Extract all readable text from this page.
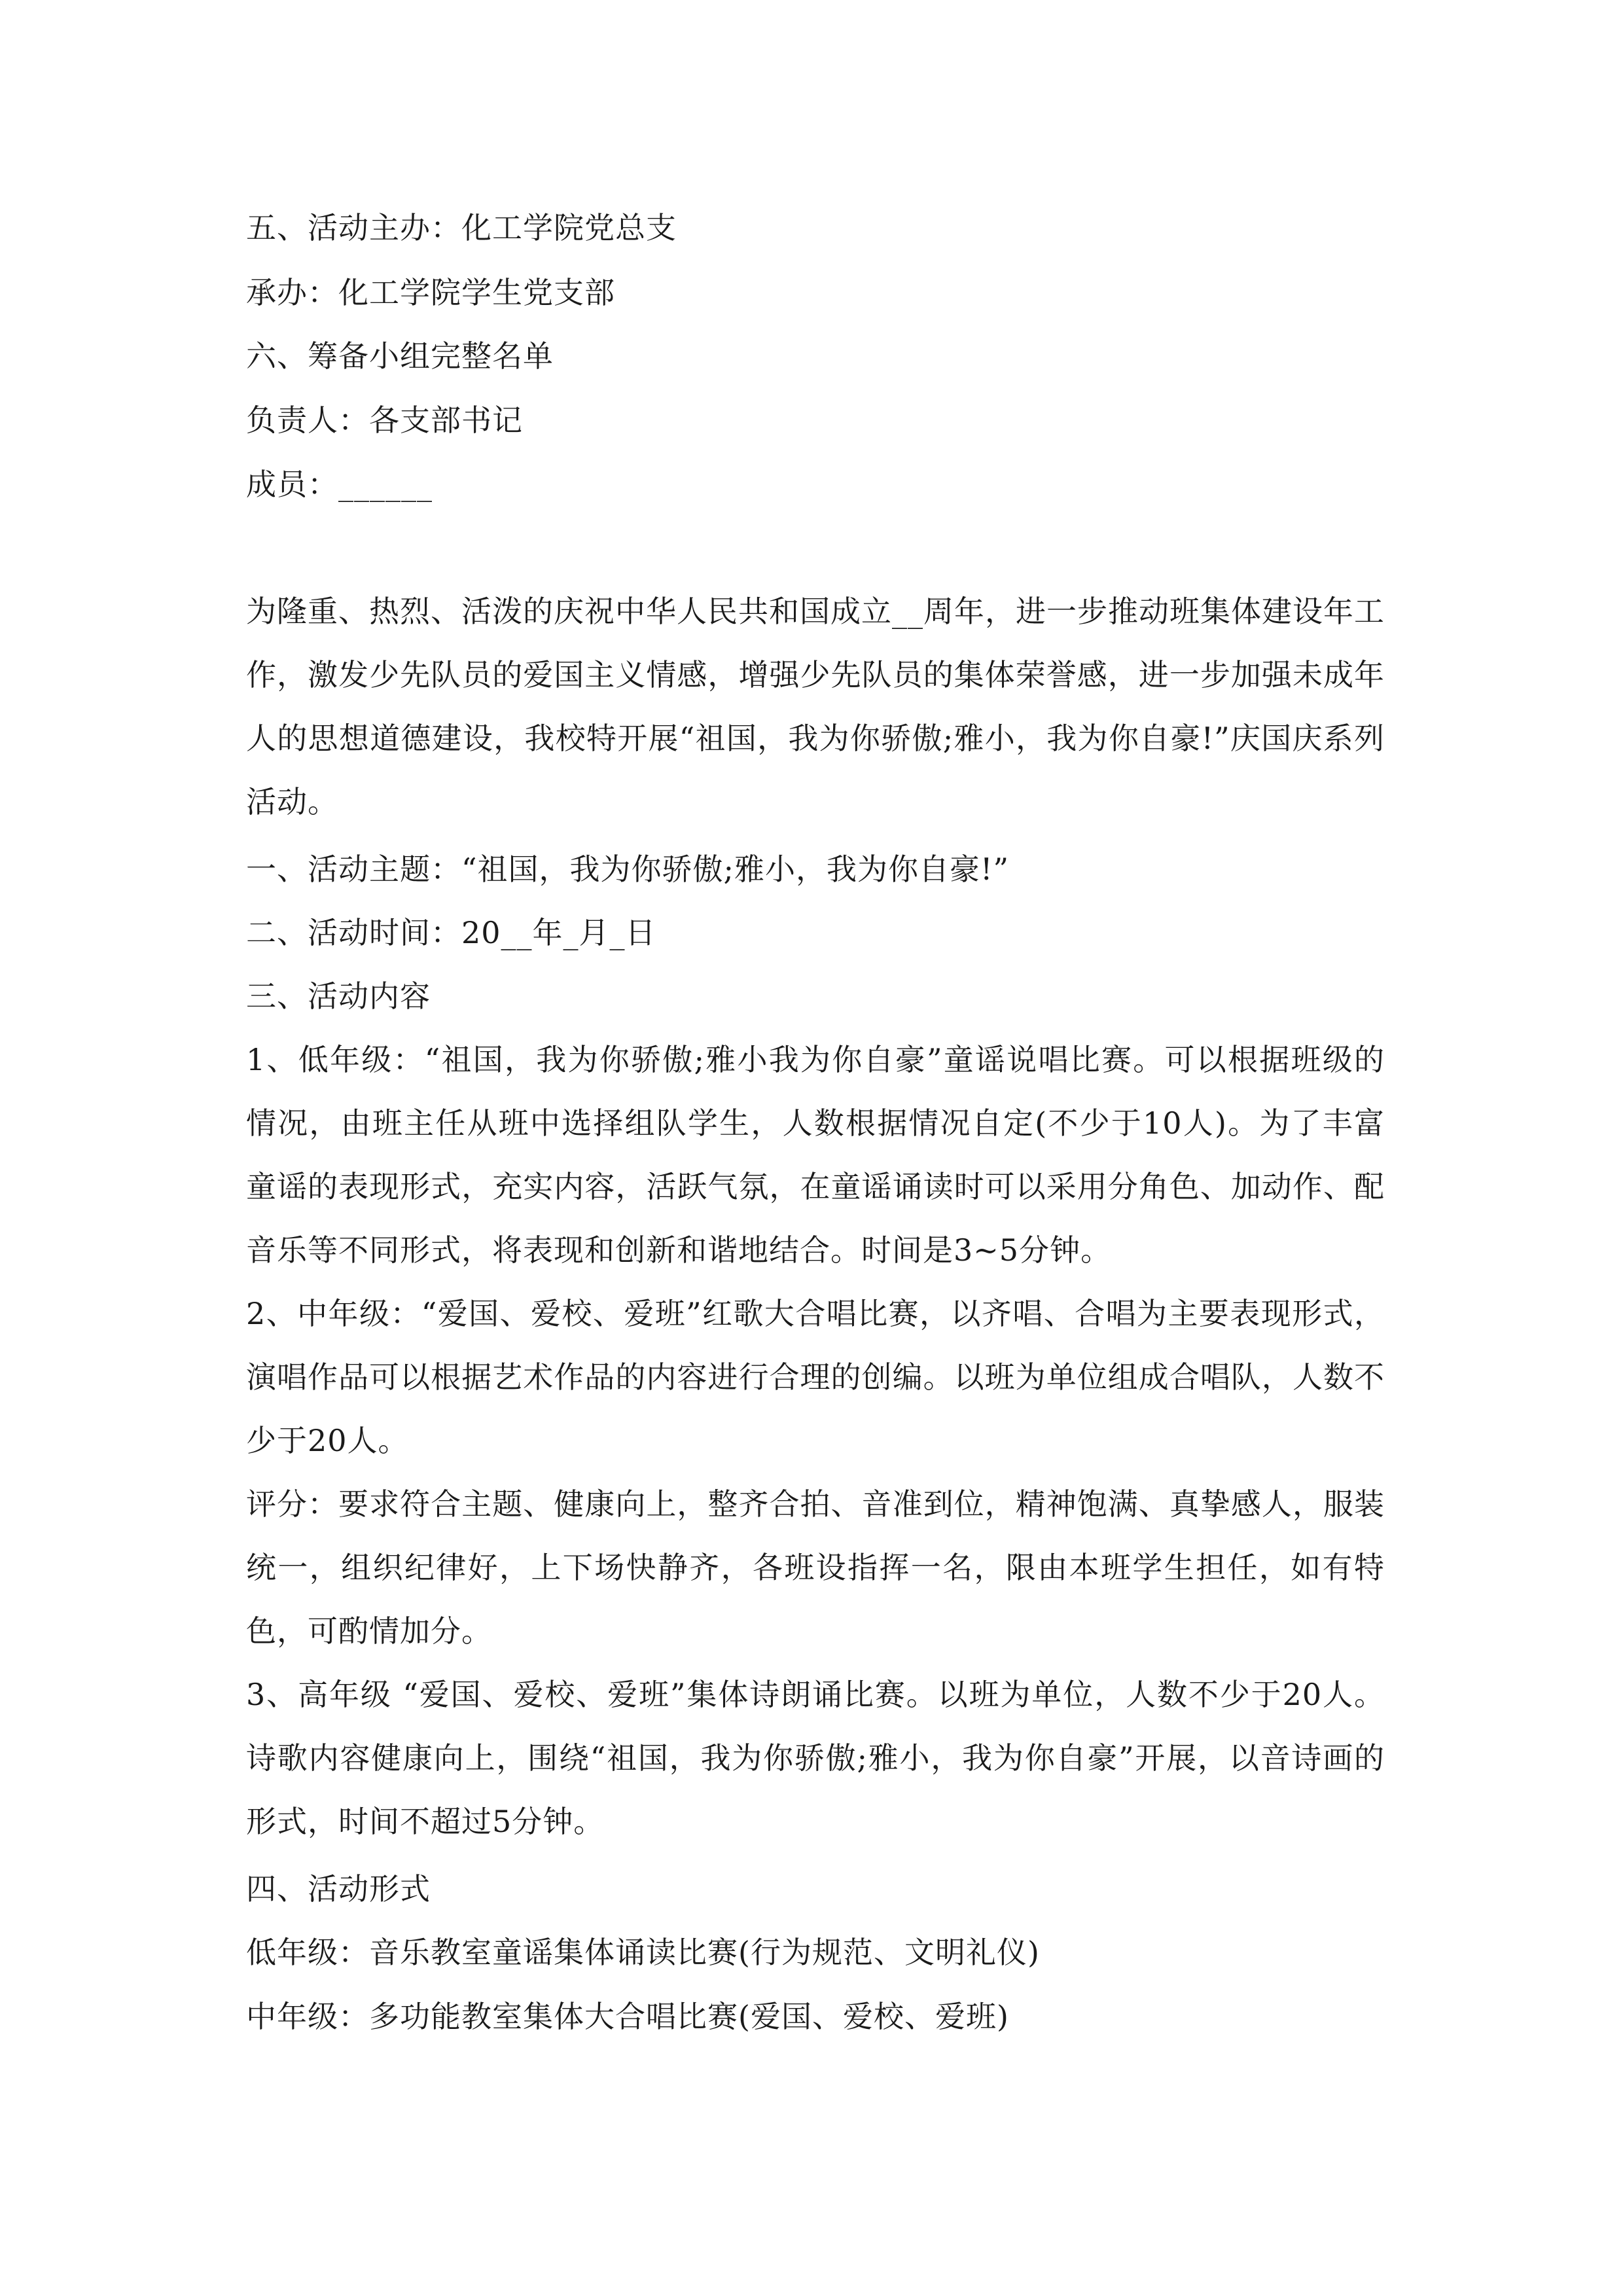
五、活动主办：化工学院党总支
承办：化工学院学生党支部
六、筹备小组完整名单
负责人：各支部书记
成员：______

为隆重、热烈、活泼的庆祝中华人民共和国成立__周年，进一步推动班集体建设年工作，激发少先队员的爱国主义情感，增强少先队员的集体荣誉感，进一步加强未成年人的思想道德建设，我校特开展“祖国，我为你骄傲;雅小，我为你自豪!”庆国庆系列活动。

一、活动主题：“祖国，我为你骄傲;雅小，我为你自豪!”
二、活动时间：20__年_月_日
三、活动内容

1、低年级：“祖国，我为你骄傲;雅小我为你自豪”童谣说唱比赛。可以根据班级的情况，由班主任从班中选择组队学生，人数根据情况自定(不少于10人)。为了丰富童谣的表现形式，充实内容，活跃气氛，在童谣诵读时可以采用分角色、加动作、配音乐等不同形式，将表现和创新和谐地结合。时间是3~5分钟。

2、中年级：“爱国、爱校、爱班”红歌大合唱比赛，以齐唱、合唱为主要表现形式，演唱作品可以根据艺术作品的内容进行合理的创编。以班为单位组成合唱队，人数不少于20人。

评分：要求符合主题、健康向上，整齐合拍、音准到位，精神饱满、真挚感人，服装统一，组织纪律好，上下场快静齐，各班设指挥一名，限由本班学生担任，如有特色，可酌情加分。

3、高年级 “爱国、爱校、爱班”集体诗朗诵比赛。以班为单位，人数不少于20人。诗歌内容健康向上，围绕“祖国，我为你骄傲;雅小，我为你自豪”开展，以音诗画的形式，时间不超过5分钟。

四、活动形式
低年级：音乐教室童谣集体诵读比赛(行为规范、文明礼仪)
中年级：多功能教室集体大合唱比赛(爱国、爱校、爱班)
